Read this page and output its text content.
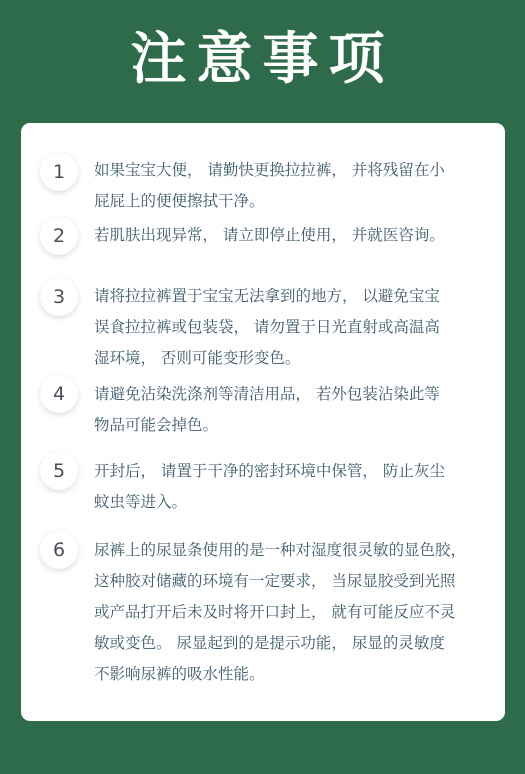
注意事项
1	如果宝宝大便， 请勤快更换拉拉裤， 并将残留在小
屁屁上的便便擦拭干净。
2	若肌肤出现异常， 请立即停止使用， 并就医咨询。
3	请将拉拉裤置于宝宝无法拿到的地方， 以避免宝宝
误食拉拉裤或包装袋， 请勿置于日光直射或高温高
湿环境， 否则可能变形变色。
4	请避免沾染洗涤剂等清洁用品， 若外包装沾染此等
物品可能会掉色。
5	开封后， 请置于干净的密封环境中保管， 防止灰尘
蚊虫等进入。
6	尿裤上的尿显条使用的是一种对湿度很灵敏的显色胶，
这种胶对储藏的环境有一定要求， 当尿显胶受到光照
或产品打开后未及时将开口封上， 就有可能反应不灵
敏或变色。 尿显起到的是提示功能， 尿显的灵敏度
不影响尿裤的吸水性能。
